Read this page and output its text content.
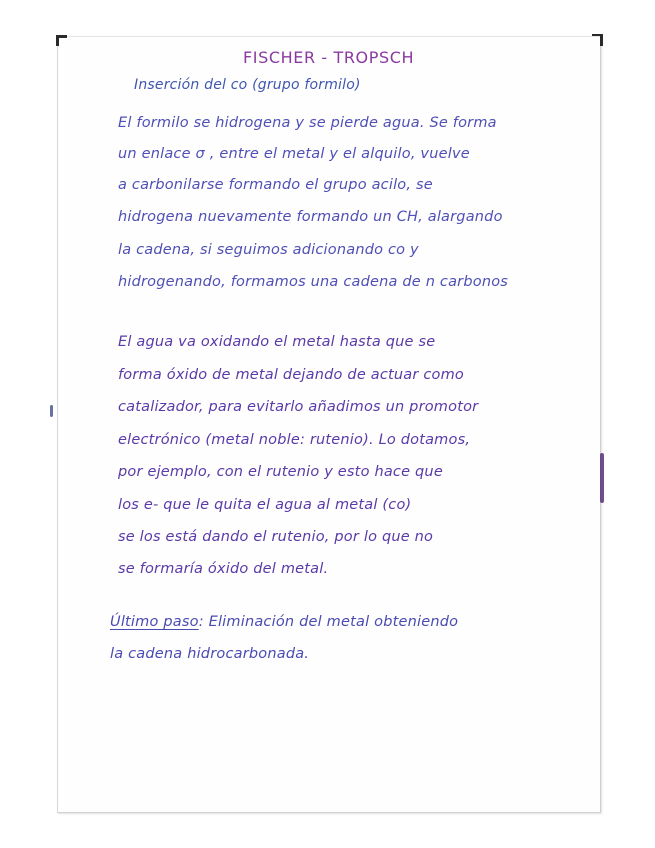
FISCHER - TROPSCH
Inserción del co (grupo formilo)
El formilo se hidrogena y se pierde agua. Se forma
un enlace σ , entre el metal y el alquilo, vuelve
a carbonilarse formando el grupo acilo, se
hidrogena nuevamente formando un CH, alargando
la cadena, si seguimos adicionando co y
hidrogenando, formamos una cadena de n carbonos
El agua va oxidando el metal hasta que se
forma óxido de metal dejando de actuar como
catalizador, para evitarlo añadimos un promotor
electrónico (metal noble: rutenio). Lo dotamos,
por ejemplo, con el rutenio y esto hace que
los e- que le quita el agua al metal (co)
se los está dando el rutenio, por lo que no
se formaría óxido del metal.
Último paso: Eliminación del metal obteniendo
la cadena hidrocarbonada.
